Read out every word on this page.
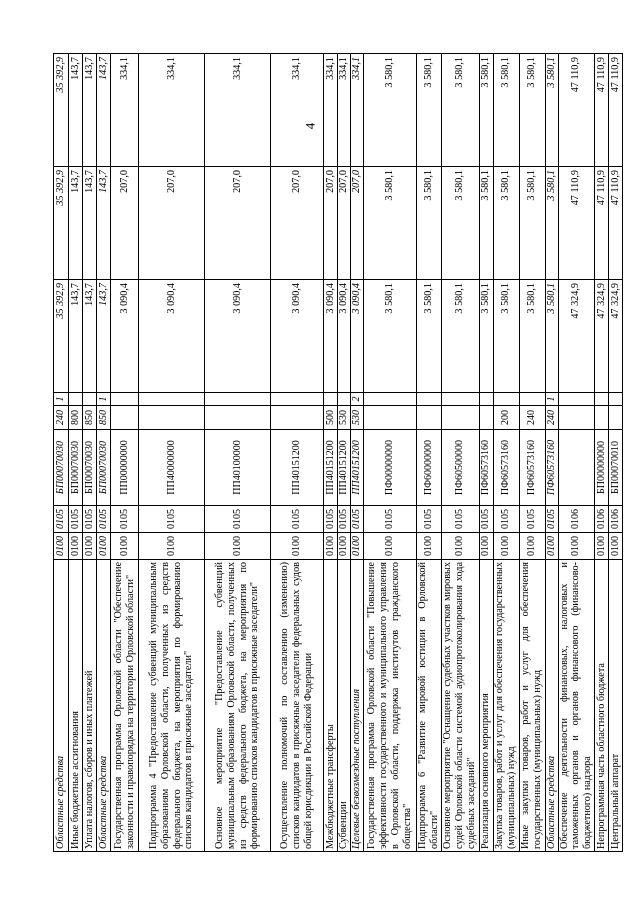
4
Областные средства	0100	0105	БП00070030	240	1	35 392,9	35 392,9	35 392,9
Иные бюджетные ассигнования	0100	0105	БП00070030	800		143,7	143,7	143,7
Уплата налогов, сборов и иных платежей	0100	0105	БП00070030	850		143,7	143,7	143,7
Областные средства	0100	0105	БП00070030	850	1	143,7	143,7	143,7
Государственная программа Орловской области "Обеспечение законности и правопорядка на территории Орловской области"	0100	0105	ПП00000000			3 090,4	207,0	334,1
Подпрограмма 4 "Предоставление субвенций муниципальным образованиям Орловской области, полученных из средств федерального бюджета, на мероприятия по формированию списков кандидатов в присяжные заседатели"	0100	0105	ПП40000000			3 090,4	207,0	334,1
Основное мероприятие "Предоставление субвенций муниципальным образованиям Орловской области, полученных из средств федерального бюджета, на мероприятия по формированию списков кандидатов в присяжные заседатели"	0100	0105	ПП40100000			3 090,4	207,0	334,1
Осуществление полномочий по составлению (изменению) списков кандидатов в присяжные заседатели федеральных судов общей юрисдикции в Российской Федерации	0100	0105	ПП40151200			3 090,4	207,0	334,1
Межбюджетные трансферты	0100	0105	ПП40151200	500		3 090,4	207,0	334,1
Субвенции	0100	0105	ПП40151200	530		3 090,4	207,0	334,1
Целевые безвозмездные поступления	0100	0105	ПП40151200	530	2	3 090,4	207,0	334,1
Государственная программа Орловской области "Повышение эффективности государственного и муниципального управления в Орловской области, поддержка институтов гражданского общества"	0100	0105	ПФ00000000			3 580,1	3 580,1	3 580,1
Подпрограмма 6 "Развитие мировой юстиции в Орловской области"	0100	0105	ПФ60000000			3 580,1	3 580,1	3 580,1
Основное мероприятие "Оснащение судебных участков мировых судей Орловской области системой аудиопротоколирования хода судебных заседаний"	0100	0105	ПФ60500000			3 580,1	3 580,1	3 580,1
Реализация основного мероприятия	0100	0105	ПФ60573160			3 580,1	3 580,1	3 580,1
Закупка товаров, работ и услуг для обеспечения государственных (муниципальных) нужд	0100	0105	ПФ60573160	200		3 580,1	3 580,1	3 580,1
Иные закупки товаров, работ и услуг для обеспечения государственных (муниципальных) нужд	0100	0105	ПФ60573160	240		3 580,1	3 580,1	3 580,1
Областные средства	0100	0105	ПФ60573160	240	1	3 580,1	3 580,1	3 580,1
Обеспечение деятельности финансовых, налоговых и таможенных органов и органов финансового (финансово-бюджетного) надзора	0100	0106				47 324,9	47 110,9	47 110,9
Непрограммная часть областного бюджета	0100	0106	БП00000000			47 324,9	47 110,9	47 110,9
Центральный аппарат	0100	0106	БП00070010			47 324,9	47 110,9	47 110,9
